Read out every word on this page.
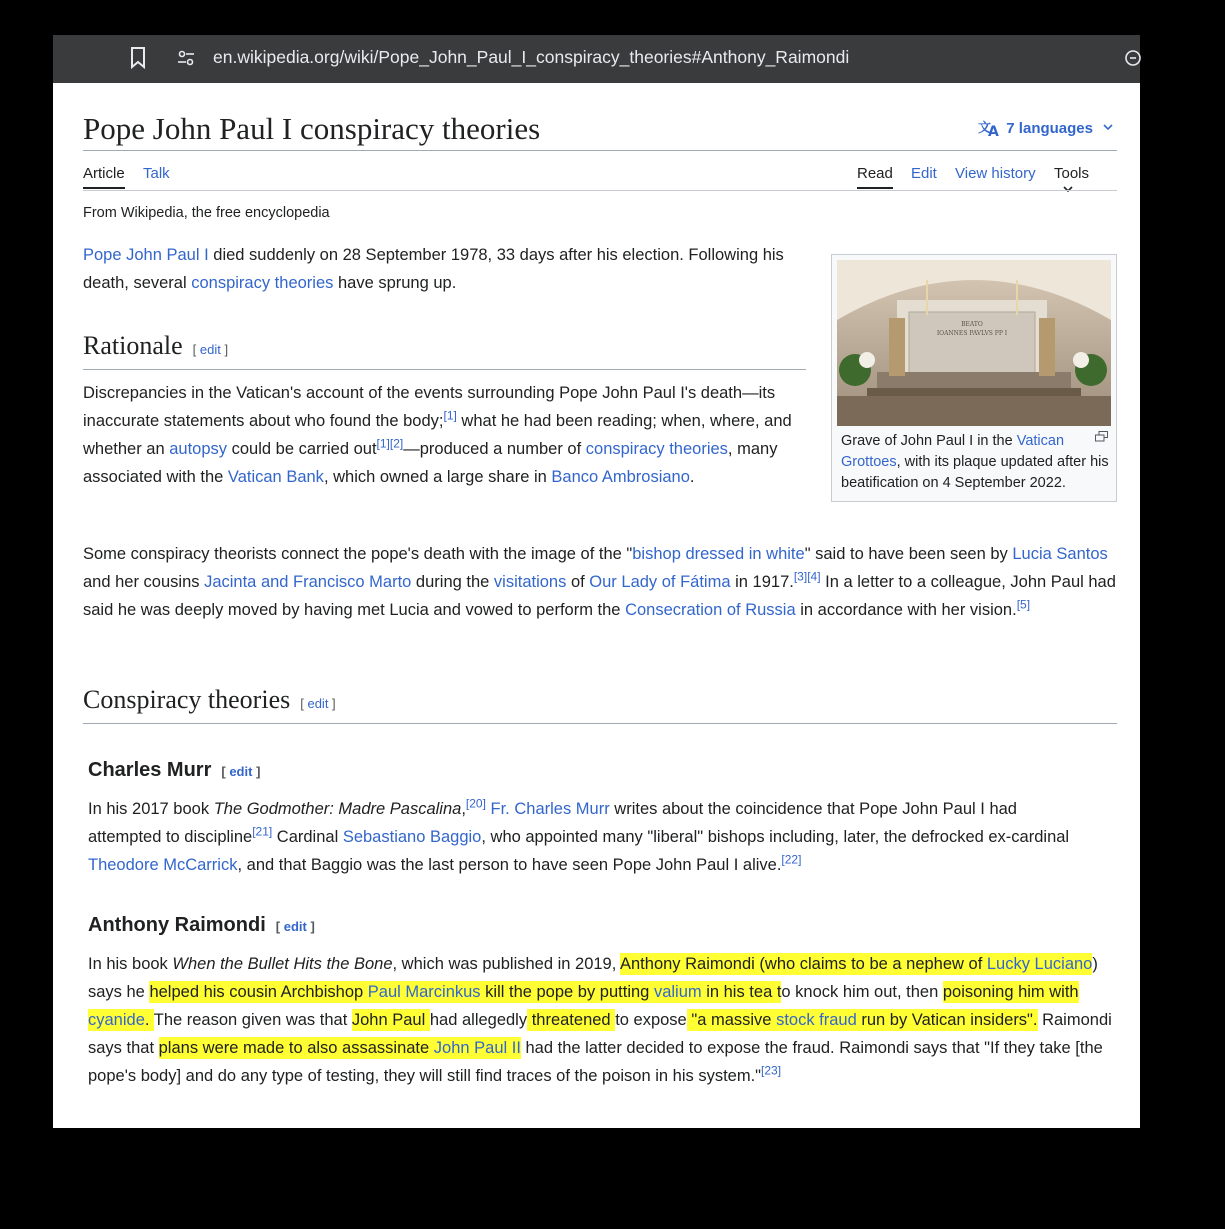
en.wikipedia.org/wiki/Pope_John_Paul_I_conspiracy_theories#Anthony_Raimondi
Pope John Paul I conspiracy theories	文
A 7 languages
Article Talk	Read Edit View history Tools
From Wikipedia, the free encyclopedia
BEATO
IOANNES PAVLVS PP I
Grave of John Paul I in the Vatican Grottoes, with its plaque updated after his beatification on 4 September 2022.
Pope John Paul I died suddenly on 28 September 1978, 33 days after his election. Following his death, several conspiracy theories have sprung up.
Rationale [ edit ]
Discrepancies in the Vatican's account of the events surrounding Pope John Paul I's death—its inaccurate statements about who found the body;[1] what he had been reading; when, where, and whether an autopsy could be carried out[1][2]—produced a number of conspiracy theories, many associated with the Vatican Bank, which owned a large share in Banco Ambrosiano.
Some conspiracy theorists connect the pope's death with the image of the "bishop dressed in white" said to have been seen by Lucia Santos and her cousins Jacinta and Francisco Marto during the visitations of Our Lady of Fátima in 1917.[3][4] In a letter to a colleague, John Paul had said he was deeply moved by having met Lucia and vowed to perform the Consecration of Russia in accordance with her vision.[5]
Conspiracy theories [ edit ]
Charles Murr [ edit ]
In his 2017 book The Godmother: Madre Pascalina,[20] Fr. Charles Murr writes about the coincidence that Pope John Paul I had attempted to discipline[21] Cardinal Sebastiano Baggio, who appointed many "liberal" bishops including, later, the defrocked ex-cardinal Theodore McCarrick, and that Baggio was the last person to have seen Pope John Paul I alive.[22]
Anthony Raimondi [ edit ]
In his book When the Bullet Hits the Bone, which was published in 2019, Anthony Raimondi (who claims to be a nephew of Lucky Luciano) says he helped his cousin Archbishop Paul Marcinkus kill the pope by putting valium in his tea to knock him out, then poisoning him with cyanide. The reason given was that John Paul had allegedly threatened to expose "a massive stock fraud run by Vatican insiders". Raimondi says that plans were made to also assassinate John Paul II had the latter decided to expose the fraud. Raimondi says that "If they take [the pope's body] and do any type of testing, they will still find traces of the poison in his system."[23]
